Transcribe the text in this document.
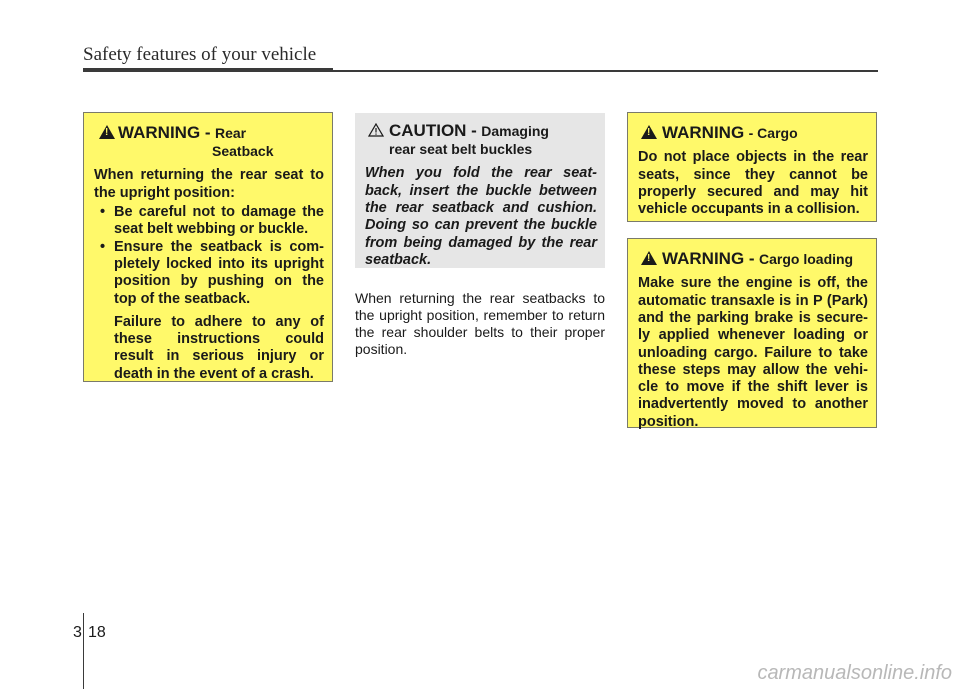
Safety features of your vehicle
!
WARNING - Rear
Seatback
When returning the rear seat to the upright position:
• Be careful not to damage the seat belt webbing or buckle.
• Ensure the seatback is com-pletely locked into its upright position by pushing on the top of the seatback.
Failure to adhere to any of these instructions could result in serious injury or death in the event of a crash.
CAUTION - Damaging
rear seat belt buckles
When you fold the rear seat-back, insert the buckle between the rear seatback and cushion. Doing so can prevent the buckle from being damaged by the rear seatback.
When returning the rear seatbacks to the upright position, remember to return the rear shoulder belts to their proper position.
!
WARNING - Cargo
Do not place objects in the rear seats, since they cannot be properly secured and may hit vehicle occupants in a collision.
!
WARNING - Cargo loading
Make sure the engine is off, the automatic transaxle is in P (Park) and the parking brake is secure-ly applied whenever loading or unloading cargo. Failure to take these steps may allow the vehi-cle to move if the shift lever is inadvertently moved to another position.
3 18
carmanualsonline.info
